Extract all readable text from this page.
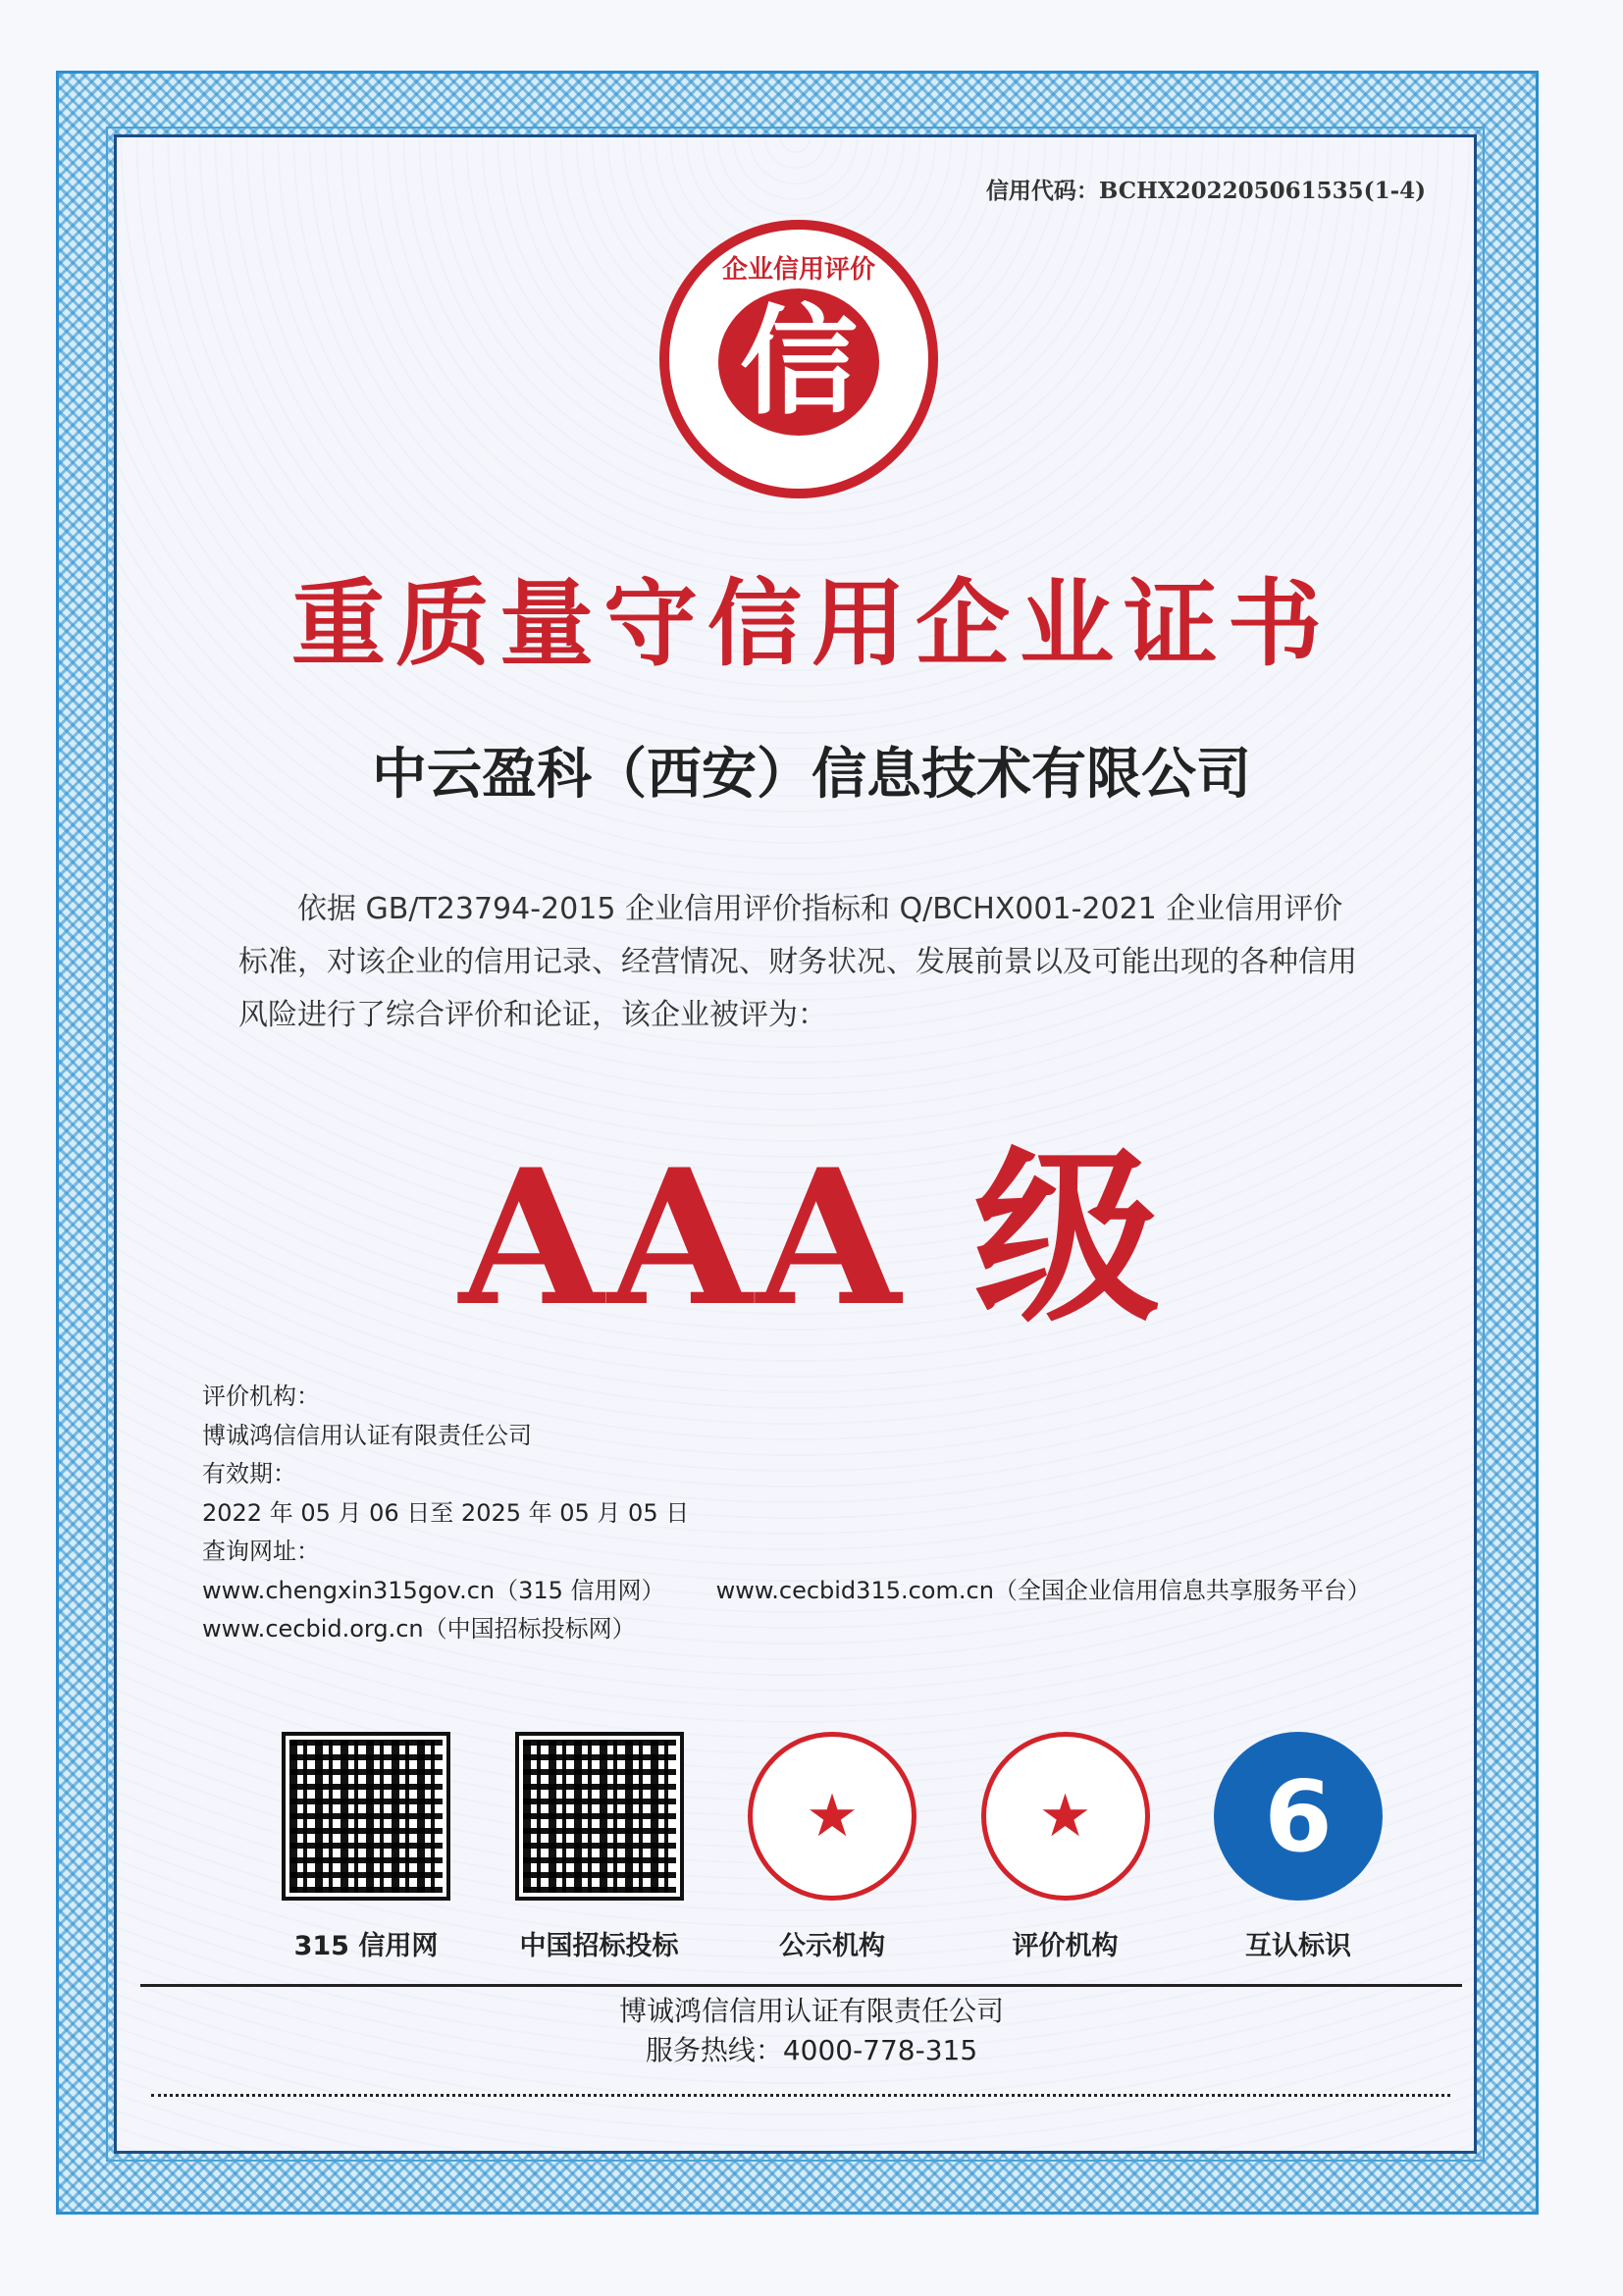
信用代码：BCHX202205061535(1-4)
企业信用评价
信
重质量守信用企业证书
中云盈科（西安）信息技术有限公司
依据 GB/T23794-2015 企业信用评价指标和 Q/BCHX001-2021 企业信用评价标准，对该企业的信用记录、经营情况、财务状况、发展前景以及可能出现的各种信用风险进行了综合评价和论证，该企业被评为：
AAA 级
评价机构：
博诚鸿信信用认证有限责任公司
有效期：
2022 年 05 月 06 日至 2025 年 05 月 05 日
查询网址：
www.chengxin315gov.cn（315 信用网） www.cecbid315.com.cn（全国企业信用信息共享服务平台）
www.cecbid.org.cn（中国招标投标网）
315 信用网	中国招标投标
★
公示机构
★
评价机构
6
互认标识
博诚鸿信信用认证有限责任公司
服务热线：4000-778-315
